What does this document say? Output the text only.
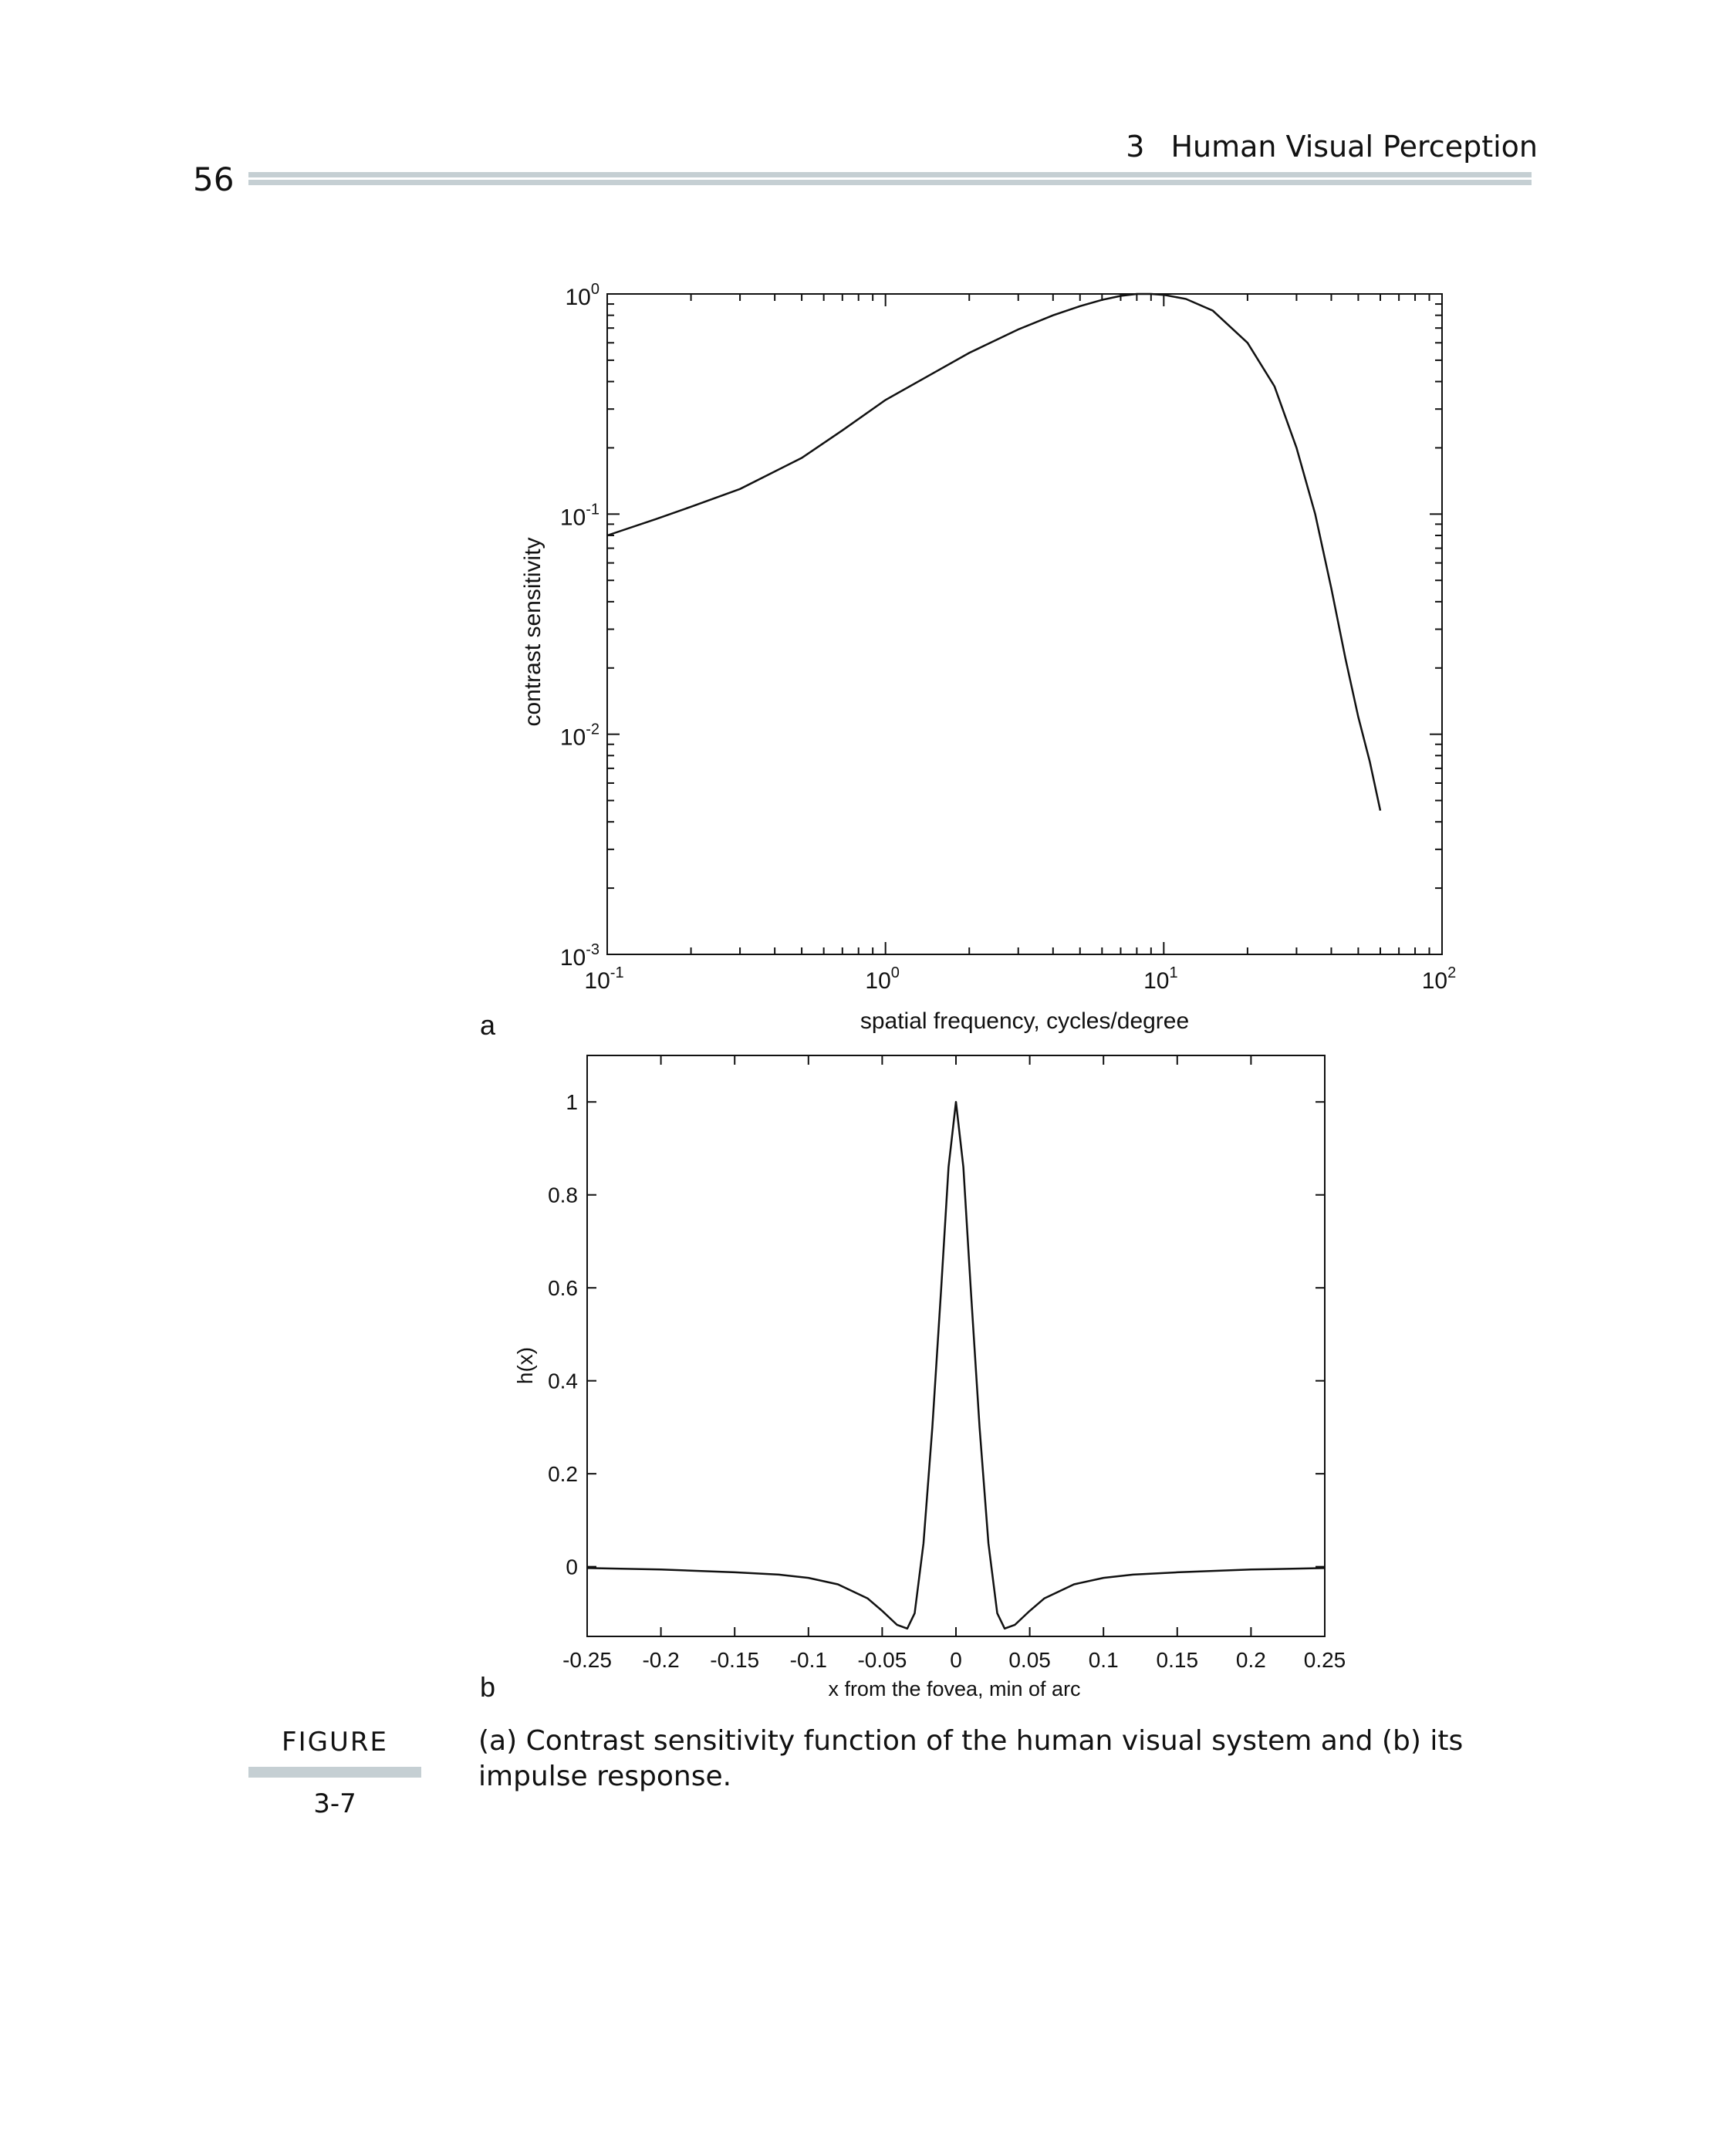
3 Human Visual Perception
56
$10^{-1}$	$10^0$	$10^1$	$10^2$
$10^0$
$10^{-1}$
$10^{-2}$
$10^{-3}$
spatial frequency, cycles/degree
contrast sensitivity
a
-0.25 -0.2 -0.15 -0.1 -0.05 0 0.05 0.1 0.15 0.2 0.25
0
0.2
0.4
0.6
0.8
1
x from the fovea, min of arc
h(x)
b
FIGURE
3-7
(a) Contrast sensitivity function of the human visual system and (b) its impulse response.
